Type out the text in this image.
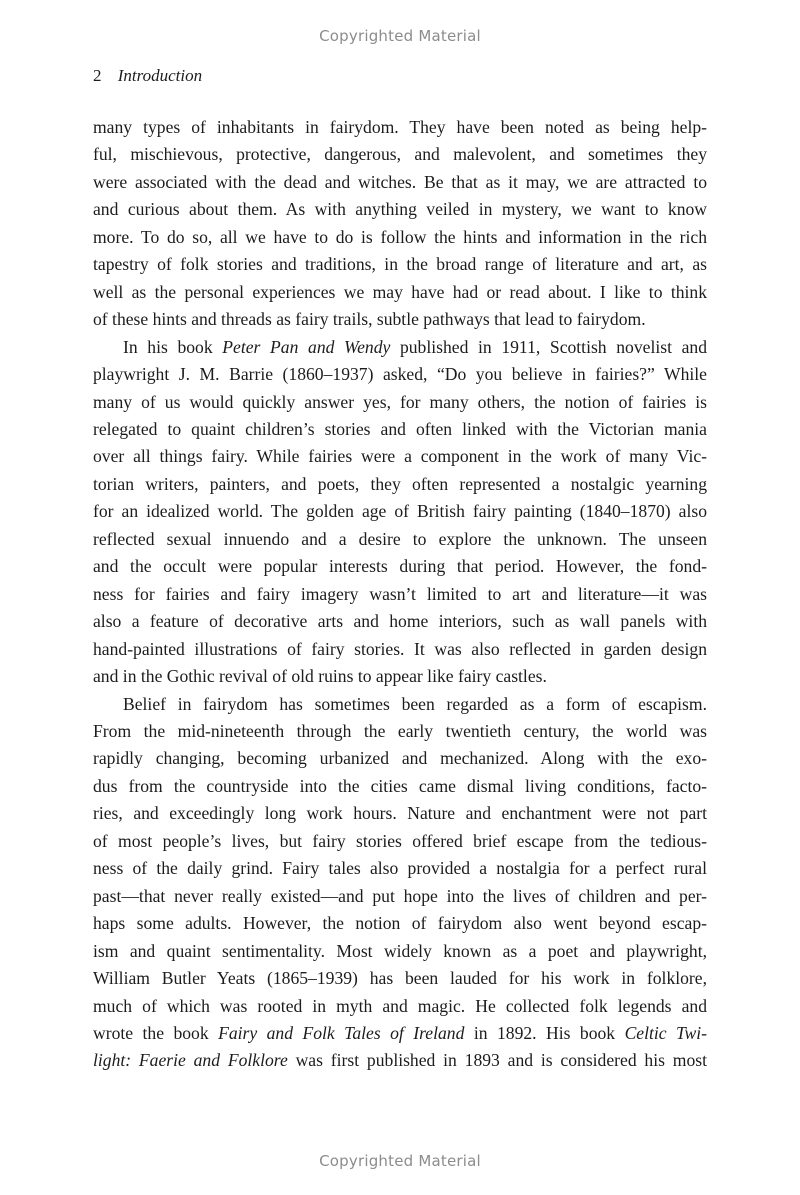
Copyrighted Material
2 Introduction
many types of inhabitants in fairydom. They have been noted as being help-
ful, mischievous, protective, dangerous, and malevolent, and sometimes they
were associated with the dead and witches. Be that as it may, we are attracted to
and curious about them. As with anything veiled in mystery, we want to know
more. To do so, all we have to do is follow the hints and information in the rich
tapestry of folk stories and traditions, in the broad range of literature and art, as
well as the personal experiences we may have had or read about. I like to think
of these hints and threads as fairy trails, subtle pathways that lead to fairydom.
In his book Peter Pan and Wendy published in 1911, Scottish novelist and
playwright J. M. Barrie (1860–1937) asked, “Do you believe in fairies?” While
many of us would quickly answer yes, for many others, the notion of fairies is
relegated to quaint children’s stories and often linked with the Victorian mania
over all things fairy. While fairies were a component in the work of many Vic-
torian writers, painters, and poets, they often represented a nostalgic yearning
for an idealized world. The golden age of British fairy painting (1840–1870) also
reflected sexual innuendo and a desire to explore the unknown. The unseen
and the occult were popular interests during that period. However, the fond-
ness for fairies and fairy imagery wasn’t limited to art and literature—it was
also a feature of decorative arts and home interiors, such as wall panels with
hand-painted illustrations of fairy stories. It was also reflected in garden design
and in the Gothic revival of old ruins to appear like fairy castles.
Belief in fairydom has sometimes been regarded as a form of escapism.
From the mid-nineteenth through the early twentieth century, the world was
rapidly changing, becoming urbanized and mechanized. Along with the exo-
dus from the countryside into the cities came dismal living conditions, facto-
ries, and exceedingly long work hours. Nature and enchantment were not part
of most people’s lives, but fairy stories offered brief escape from the tedious-
ness of the daily grind. Fairy tales also provided a nostalgia for a perfect rural
past—that never really existed—and put hope into the lives of children and per-
haps some adults. However, the notion of fairydom also went beyond escap-
ism and quaint sentimentality. Most widely known as a poet and playwright,
William Butler Yeats (1865–1939) has been lauded for his work in folklore,
much of which was rooted in myth and magic. He collected folk legends and
wrote the book Fairy and Folk Tales of Ireland in 1892. His book Celtic Twi-
light: Faerie and Folklore was first published in 1893 and is considered his most
Copyrighted Material
